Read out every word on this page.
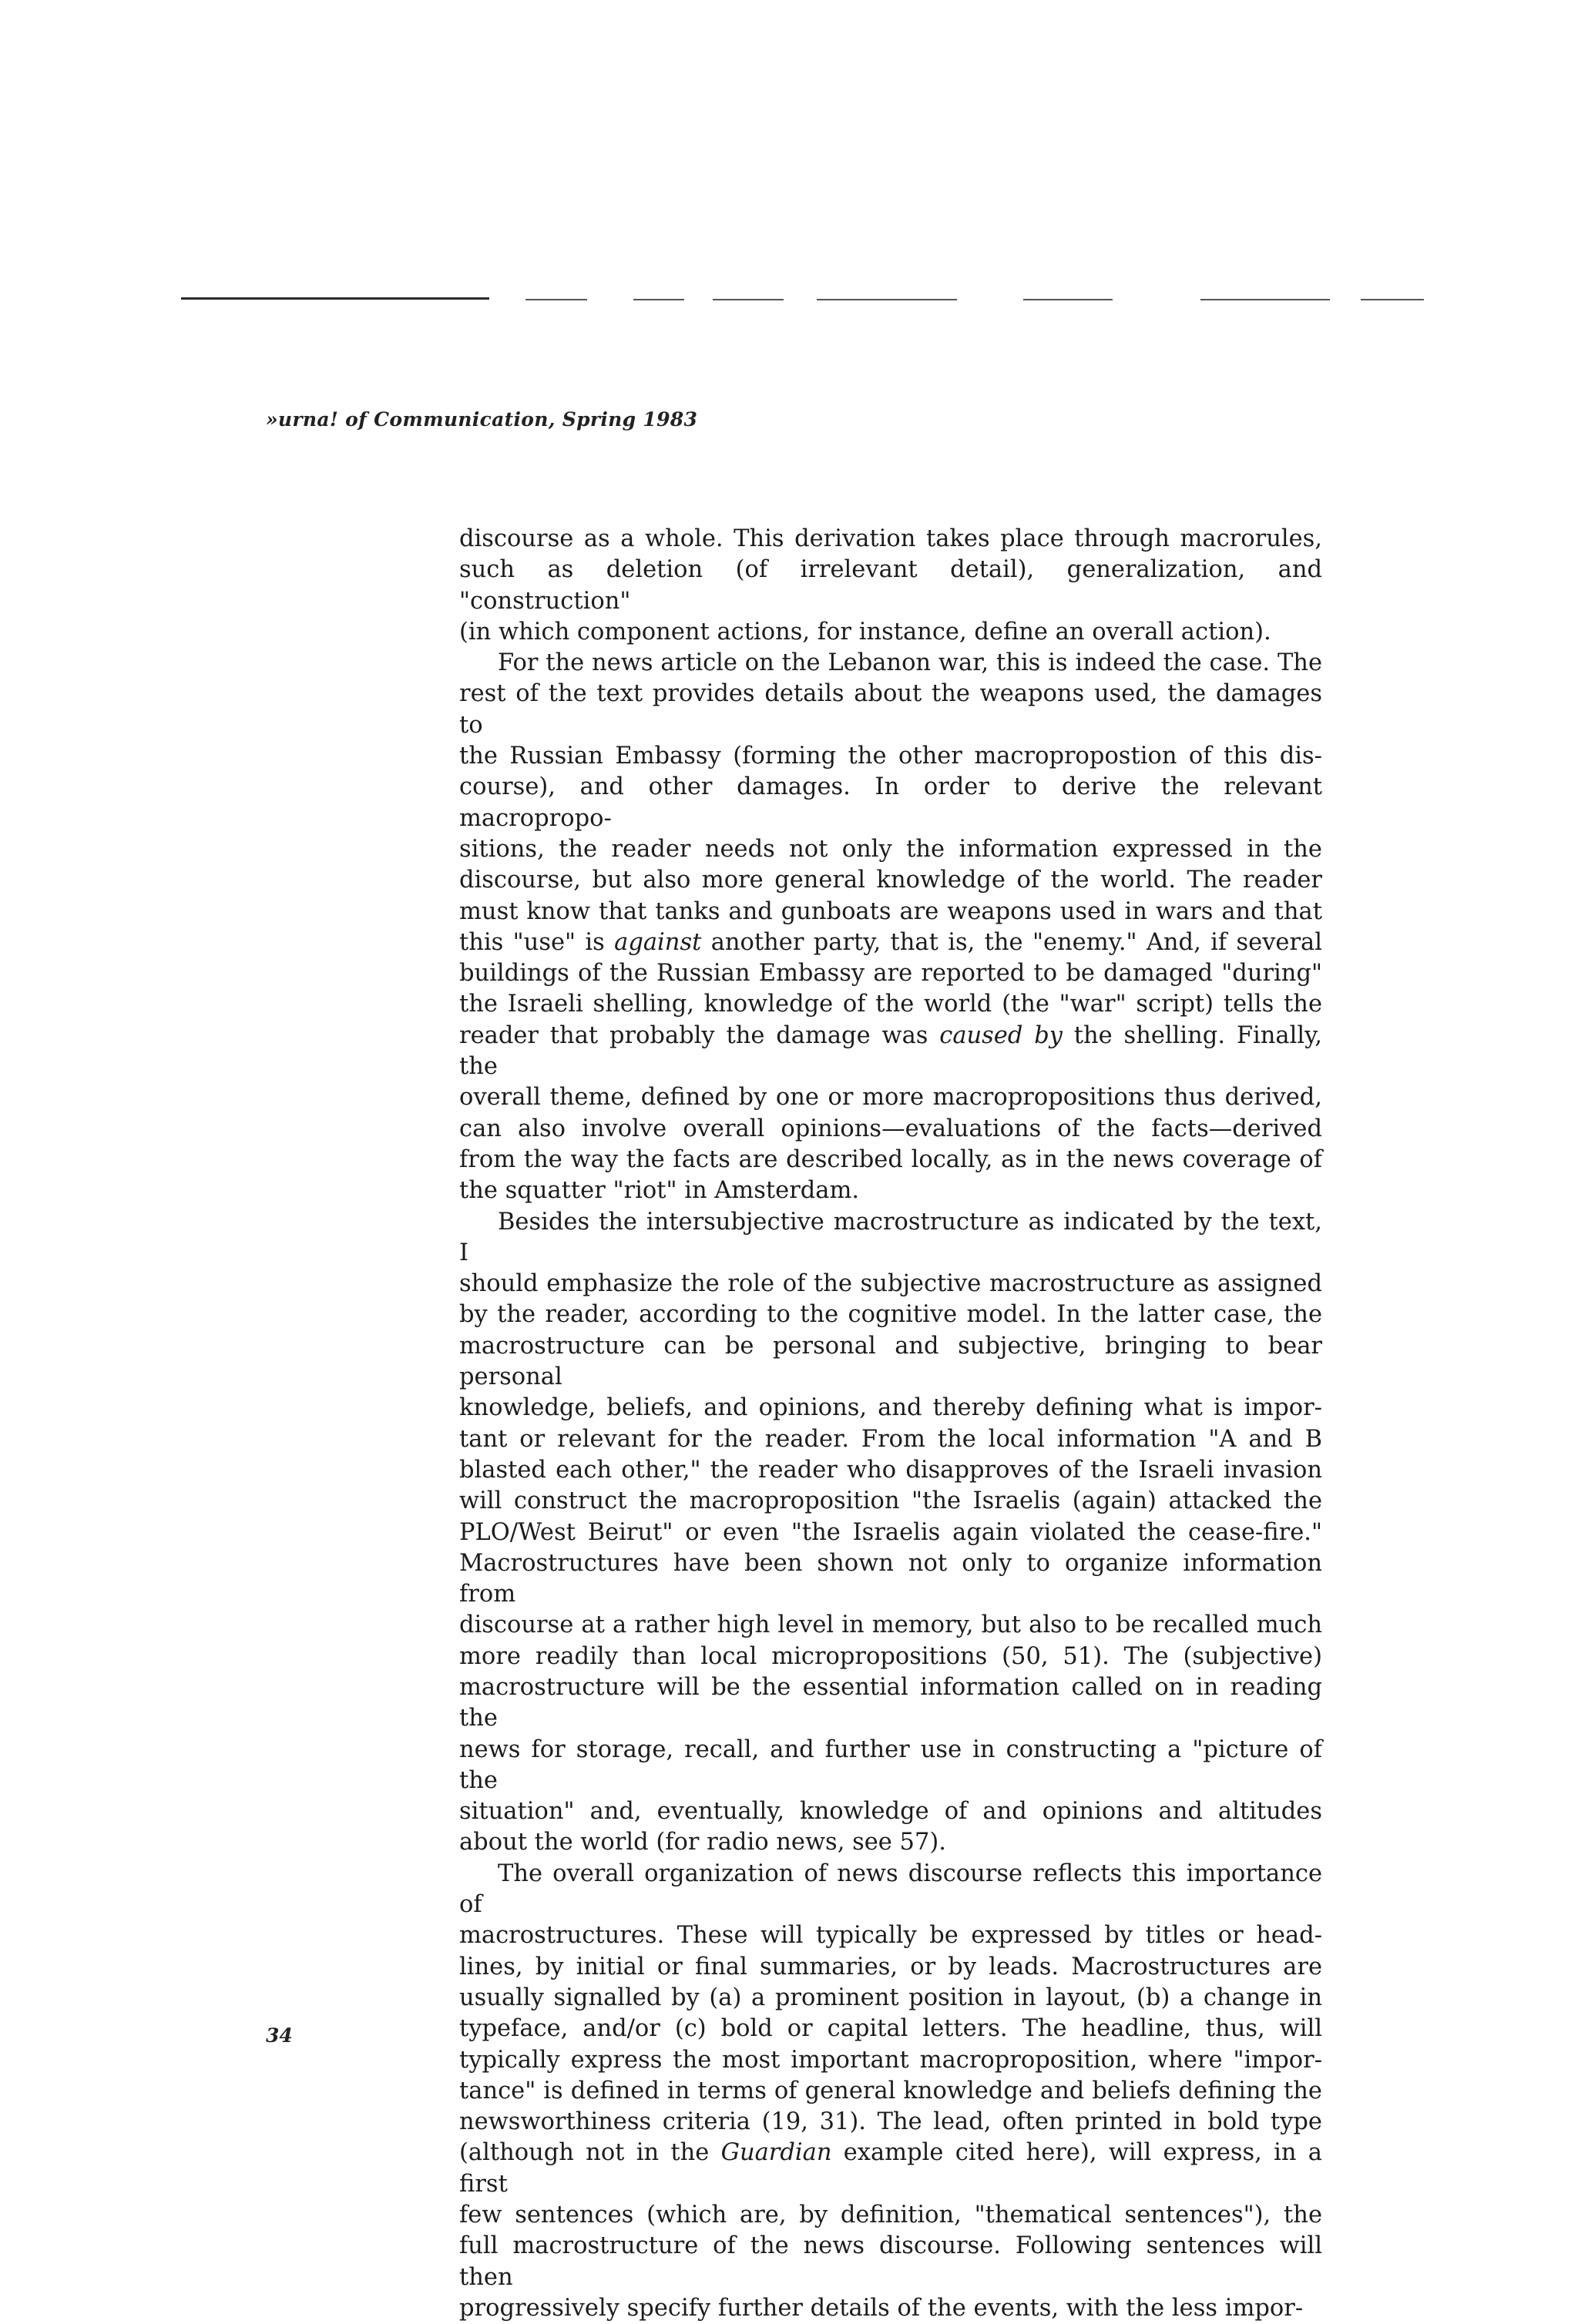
»urna! of Communication, Spring 1983

discourse as a whole. This derivation takes place through macrorules,

such as deletion (of irrelevant detail), generalization, and "construction"

(in which component actions, for instance, define an overall action).

For the news article on the Lebanon war, this is indeed the case. The

rest of the text provides details about the weapons used, the damages to

the Russian Embassy (forming the other macropropostion of this dis-

course), and other damages. In order to derive the relevant macropropo-

sitions, the reader needs not only the information expressed in the

discourse, but also more general knowledge of the world. The reader

must know that tanks and gunboats are weapons used in wars and that

this "use" is against another party, that is, the "enemy." And, if several

buildings of the Russian Embassy are reported to be damaged "during"

the Israeli shelling, knowledge of the world (the "war" script) tells the

reader that probably the damage was caused by the shelling. Finally, the

overall theme, defined by one or more macropropositions thus derived,

can also involve overall opinions—evaluations of the facts—derived

from the way the facts are described locally, as in the news coverage of

the squatter "riot" in Amsterdam.

Besides the intersubjective macrostructure as indicated by the text, I

should emphasize the role of the subjective macrostructure as assigned

by the reader, according to the cognitive model. In the latter case, the

macrostructure can be personal and subjective, bringing to bear personal

knowledge, beliefs, and opinions, and thereby defining what is impor-

tant or relevant for the reader. From the local information "A and B

blasted each other," the reader who disapproves of the Israeli invasion

will construct the macroproposition "the Israelis (again) attacked the

PLO/West Beirut" or even "the Israelis again violated the cease-fire."

Macrostructures have been shown not only to organize information from

discourse at a rather high level in memory, but also to be recalled much

more readily than local micropropositions (50, 51). The (subjective)

macrostructure will be the essential information called on in reading the

news for storage, recall, and further use in constructing a "picture of the

situation" and, eventually, knowledge of and opinions and altitudes

about the world (for radio news, see 57).

The overall organization of news discourse reflects this importance of

macrostructures. These will typically be expressed by titles or head-

lines, by initial or final summaries, or by leads. Macrostructures are

usually signalled by (a) a prominent position in layout, (b) a change in

typeface, and/or (c) bold or capital letters. The headline, thus, will

typically express the most important macroproposition, where "impor-

tance" is defined in terms of general knowledge and beliefs defining the

newsworthiness criteria (19, 31). The lead, often printed in bold type

(although not in the Guardian example cited here), will express, in a first

few sentences (which are, by definition, "thematical sentences"), the

full macrostructure of the news discourse. Following sentences will then

progressively specify further details of the events, with the less impor-

34
